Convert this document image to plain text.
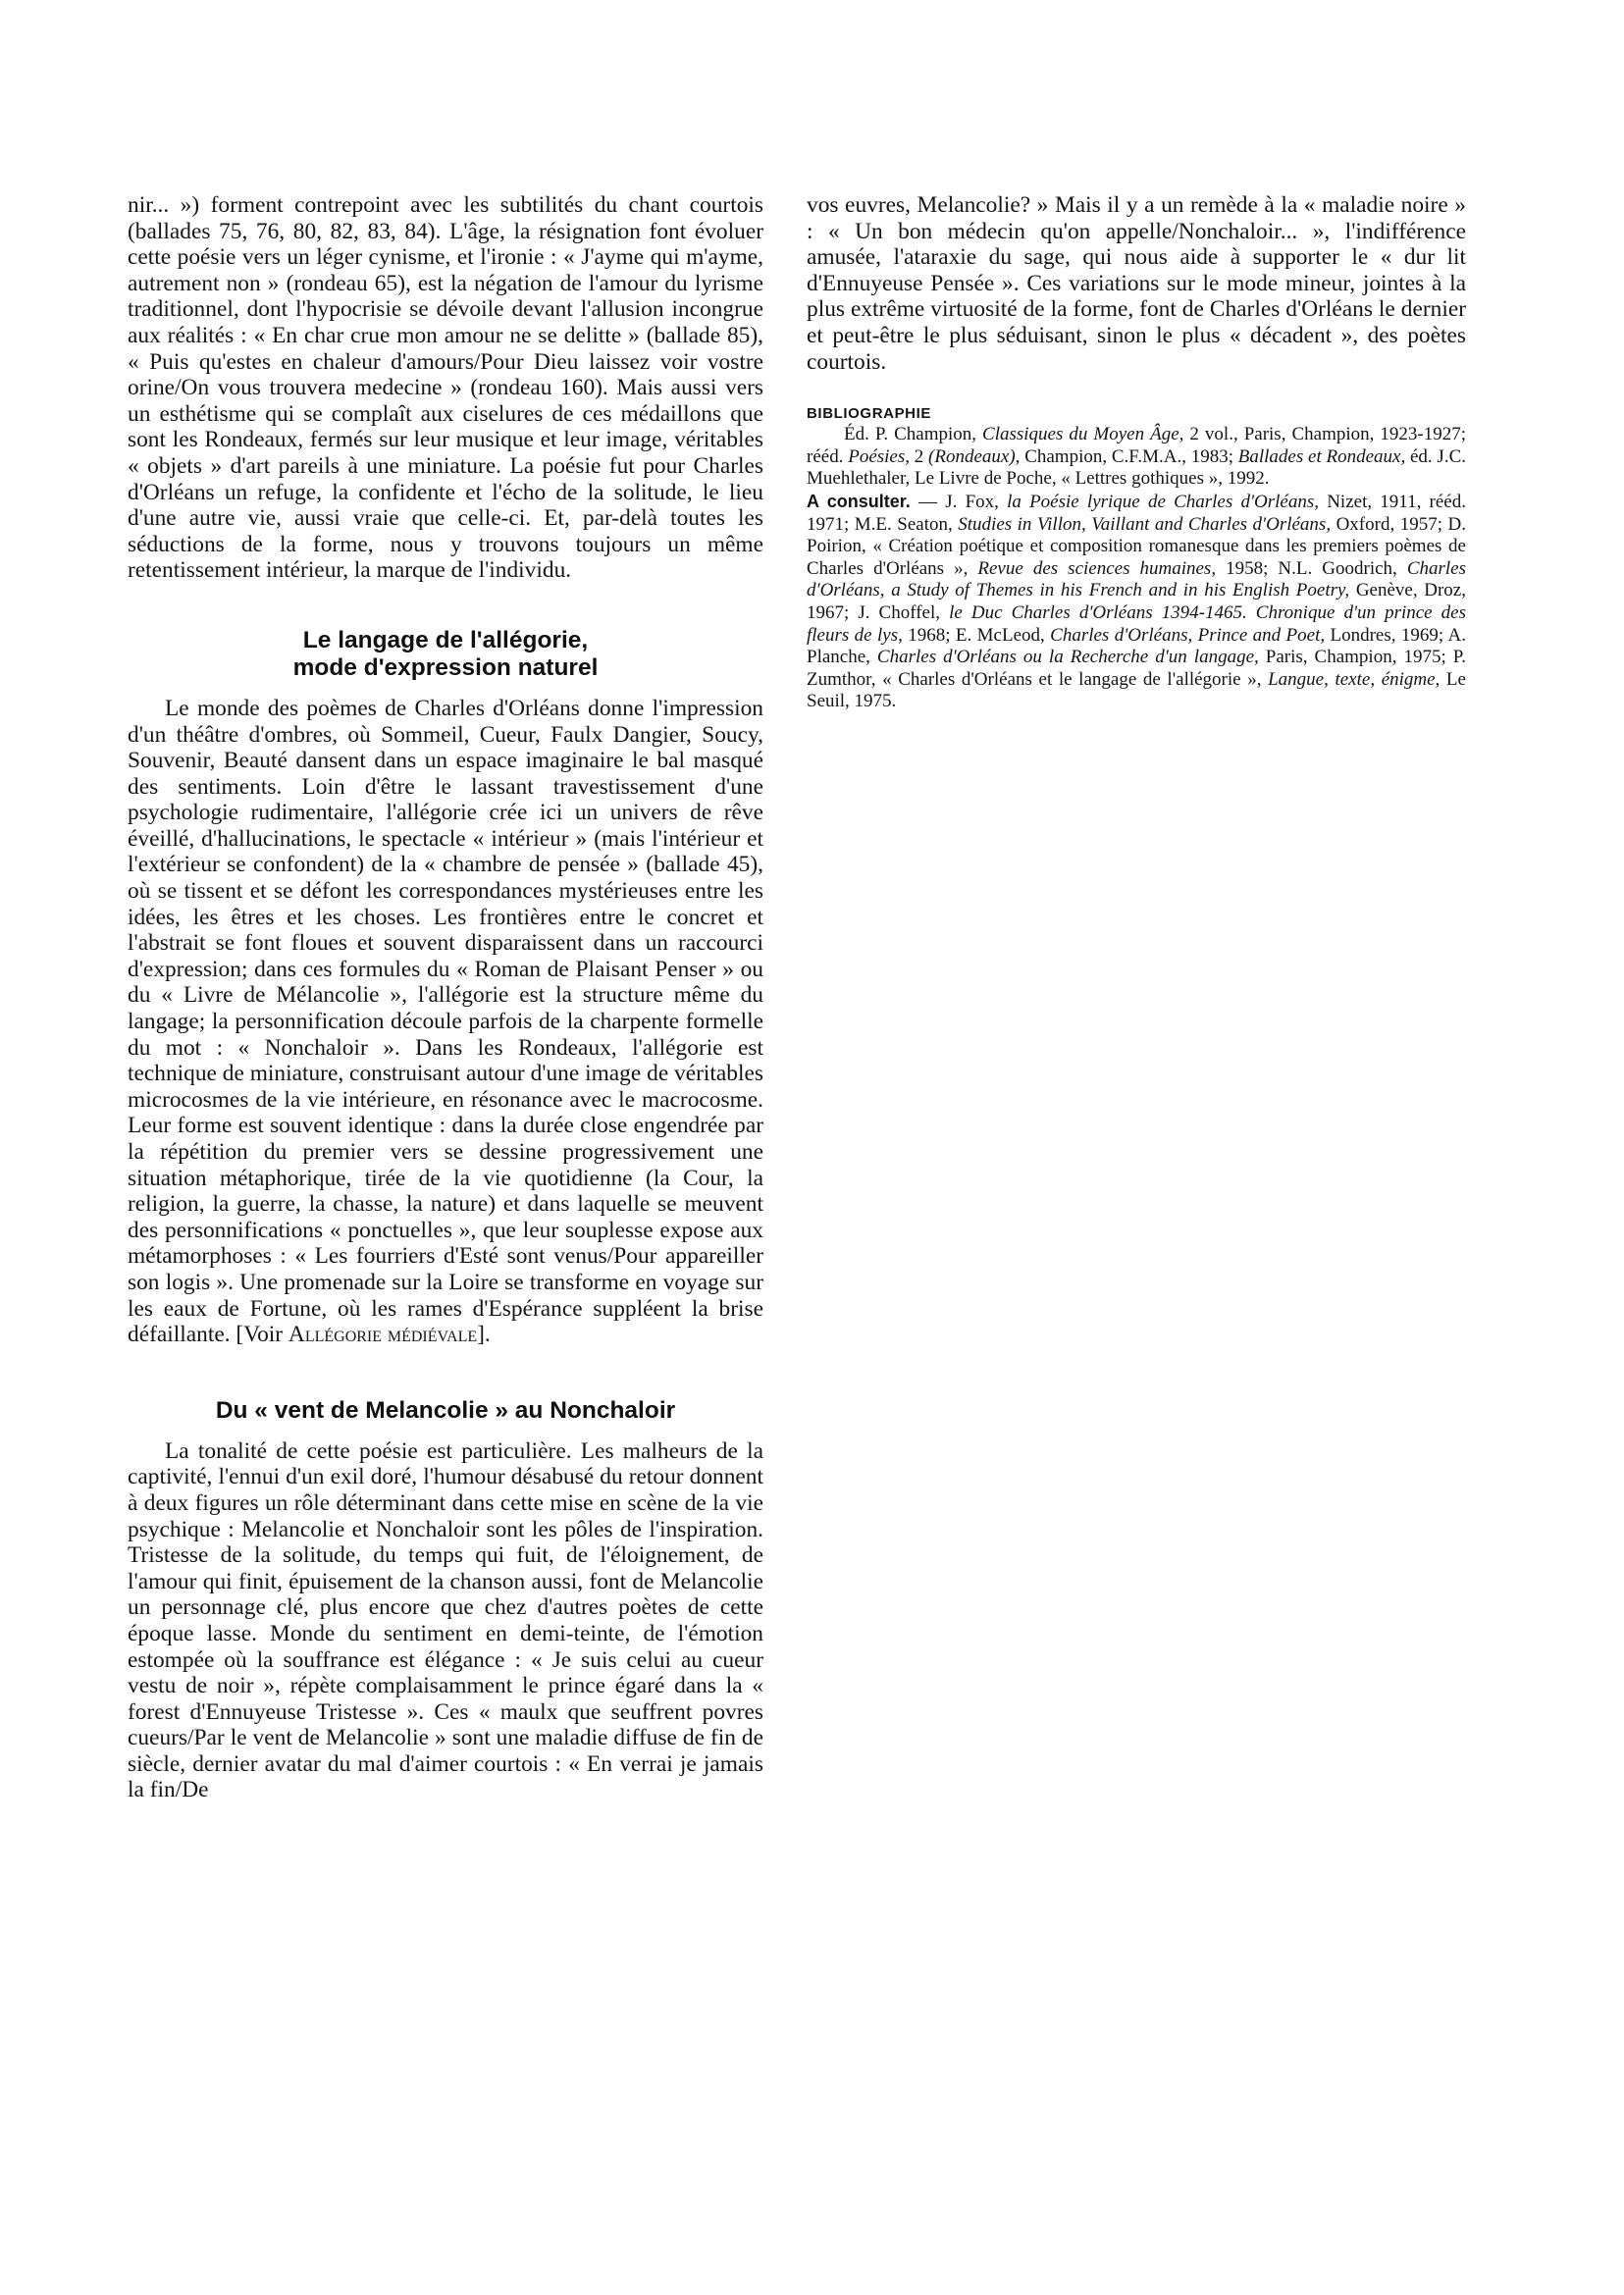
nir... ») forment contrepoint avec les subtilités du chant courtois (ballades 75, 76, 80, 82, 83, 84). L'âge, la résignation font évoluer cette poésie vers un léger cynisme, et l'ironie : « J'ayme qui m'ayme, autrement non » (rondeau 65), est la négation de l'amour du lyrisme traditionnel, dont l'hypocrisie se dévoile devant l'allusion incongrue aux réalités : « En char crue mon amour ne se delitte » (ballade 85), « Puis qu'estes en chaleur d'amours/Pour Dieu laissez voir vostre orine/On vous trouvera medecine » (rondeau 160). Mais aussi vers un esthétisme qui se complaît aux ciselures de ces médaillons que sont les Rondeaux, fermés sur leur musique et leur image, véritables « objets » d'art pareils à une miniature. La poésie fut pour Charles d'Orléans un refuge, la confidente et l'écho de la solitude, le lieu d'une autre vie, aussi vraie que celle-ci. Et, par-delà toutes les séductions de la forme, nous y trouvons toujours un même retentissement intérieur, la marque de l'individu.

Le langage de l'allégorie,
mode d'expression naturel

Le monde des poèmes de Charles d'Orléans donne l'impression d'un théâtre d'ombres, où Sommeil, Cueur, Faulx Dangier, Soucy, Souvenir, Beauté dansent dans un espace imaginaire le bal masqué des sentiments. Loin d'être le lassant travestissement d'une psychologie rudimentaire, l'allégorie crée ici un univers de rêve éveillé, d'hallucinations, le spectacle « intérieur » (mais l'intérieur et l'extérieur se confondent) de la « chambre de pensée » (ballade 45), où se tissent et se défont les correspondances mystérieuses entre les idées, les êtres et les choses. Les frontières entre le concret et l'abstrait se font floues et souvent disparaissent dans un raccourci d'expression; dans ces formules du « Roman de Plaisant Penser » ou du « Livre de Mélancolie », l'allégorie est la structure même du langage; la personnification découle parfois de la charpente formelle du mot : « Nonchaloir ». Dans les Rondeaux, l'allégorie est technique de miniature, construisant autour d'une image de véritables microcosmes de la vie intérieure, en résonance avec le macrocosme. Leur forme est souvent identique : dans la durée close engendrée par la répétition du premier vers se dessine progressivement une situation métaphorique, tirée de la vie quotidienne (la Cour, la religion, la guerre, la chasse, la nature) et dans laquelle se meuvent des personnifications « ponctuelles », que leur souplesse expose aux métamorphoses : « Les fourriers d'Esté sont venus/Pour appareiller son logis ». Une promenade sur la Loire se transforme en voyage sur les eaux de Fortune, où les rames d'Espérance suppléent la brise défaillante. [Voir Allégorie médiévale].

Du « vent de Melancolie » au Nonchaloir

La tonalité de cette poésie est particulière. Les malheurs de la captivité, l'ennui d'un exil doré, l'humour désabusé du retour donnent à deux figures un rôle déterminant dans cette mise en scène de la vie psychique : Melancolie et Nonchaloir sont les pôles de l'inspiration. Tristesse de la solitude, du temps qui fuit, de l'éloignement, de l'amour qui finit, épuisement de la chanson aussi, font de Melancolie un personnage clé, plus encore que chez d'autres poètes de cette époque lasse. Monde du sentiment en demi-teinte, de l'émotion estompée où la souffrance est élégance : « Je suis celui au cueur vestu de noir », répète complaisamment le prince égaré dans la « forest d'Ennuyeuse Tristesse ». Ces « maulx que seuffrent povres cueurs/Par le vent de Melancolie » sont une maladie diffuse de fin de siècle, dernier avatar du mal d'aimer courtois : « En verrai je jamais la fin/De

vos euvres, Melancolie? » Mais il y a un remède à la « maladie noire » : « Un bon médecin qu'on appelle/Nonchaloir... », l'indifférence amusée, l'ataraxie du sage, qui nous aide à supporter le « dur lit d'Ennuyeuse Pensée ». Ces variations sur le mode mineur, jointes à la plus extrême virtuosité de la forme, font de Charles d'Orléans le dernier et peut-être le plus séduisant, sinon le plus « décadent », des poètes courtois.

BIBLIOGRAPHIE

Éd. P. Champion, Classiques du Moyen Âge, 2 vol., Paris, Champion, 1923-1927; rééd. Poésies, 2 (Rondeaux), Champion, C.F.M.A., 1983; Ballades et Rondeaux, éd. J.C. Muehlethaler, Le Livre de Poche, « Lettres gothiques », 1992.

A consulter. — J. Fox, la Poésie lyrique de Charles d'Orléans, Nizet, 1911, rééd. 1971; M.E. Seaton, Studies in Villon, Vaillant and Charles d'Orléans, Oxford, 1957; D. Poirion, « Création poétique et composition romanesque dans les premiers poèmes de Charles d'Orléans », Revue des sciences humaines, 1958; N.L. Goodrich, Charles d'Orléans, a Study of Themes in his French and in his English Poetry, Genève, Droz, 1967; J. Choffel, le Duc Charles d'Orléans 1394-1465. Chronique d'un prince des fleurs de lys, 1968; E. McLeod, Charles d'Orléans, Prince and Poet, Londres, 1969; A. Planche, Charles d'Orléans ou la Recherche d'un langage, Paris, Champion, 1975; P. Zumthor, « Charles d'Orléans et le langage de l'allégorie », Langue, texte, énigme, Le Seuil, 1975.
